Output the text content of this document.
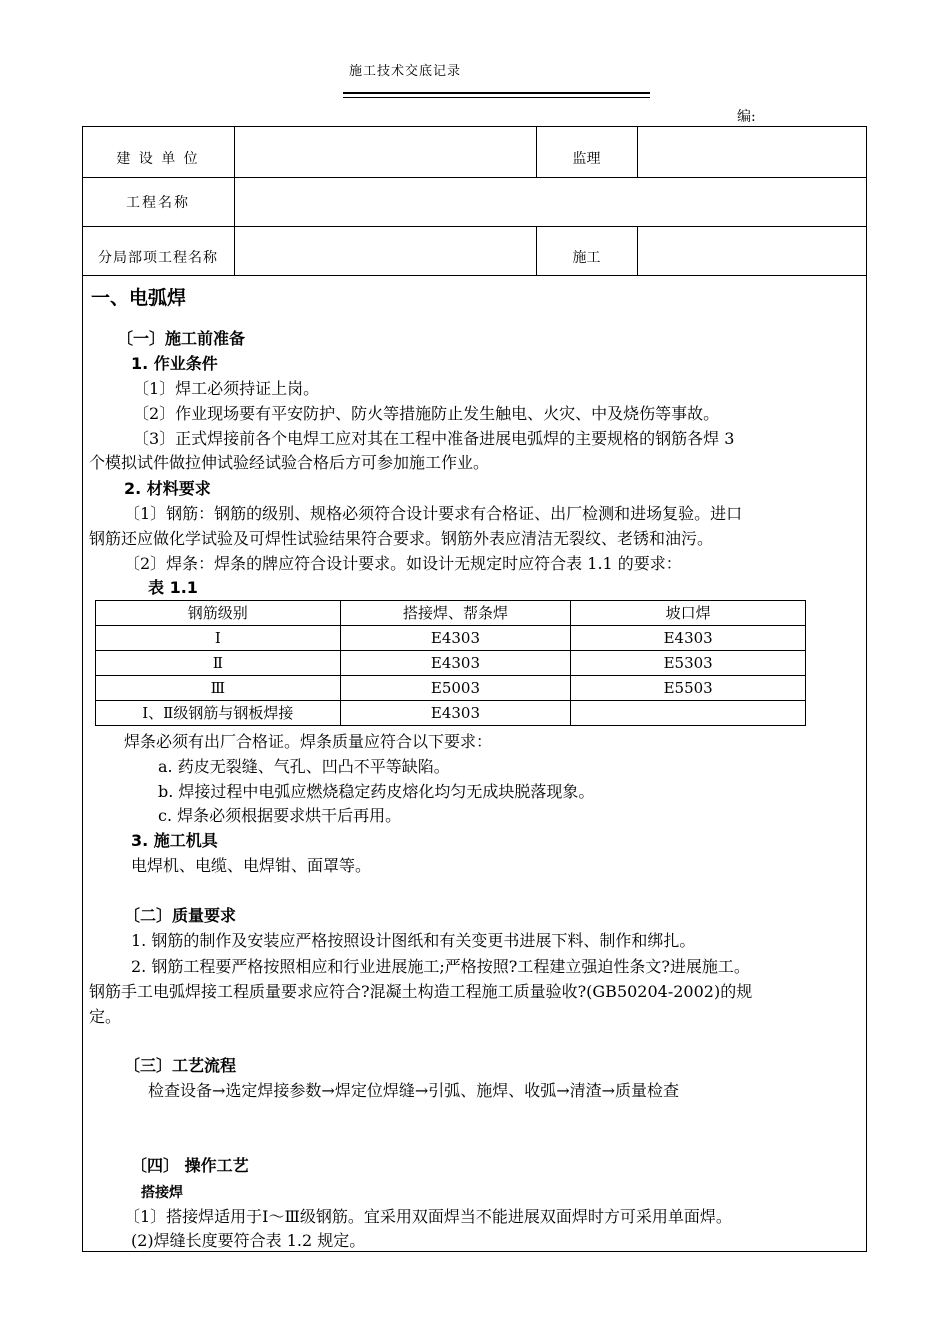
施工技术交底记录
编:
建 设 单 位	监理
工程名称
分局部项工程名称	施工
一、电弧焊
〔一〕施工前准备
1. 作业条件
〔1〕焊工必须持证上岗。
〔2〕作业现场要有平安防护、防火等措施防止发生触电、火灾、中及烧伤等事故。
〔3〕正式焊接前各个电焊工应对其在工程中准备进展电弧焊的主要规格的钢筋各焊 3
个模拟试件做拉伸试验经试验合格后方可参加施工作业。
2. 材料要求
〔1〕钢筋：钢筋的级别、规格必须符合设计要求有合格证、出厂检测和进场复验。进口
钢筋还应做化学试验及可焊性试验结果符合要求。钢筋外表应清洁无裂纹、老锈和油污。
〔2〕焊条：焊条的牌应符合设计要求。如设计无规定时应符合表 1.1 的要求：
表 1.1
钢筋级别	搭接焊、帮条焊	坡口焊
Ⅰ	E4303	E4303
Ⅱ	E4303	E5303
Ⅲ	E5003	E5503
Ⅰ、Ⅱ级钢筋与钢板焊接	E4303	
焊条必须有出厂合格证。焊条质量应符合以下要求：
a. 药皮无裂缝、气孔、凹凸不平等缺陷。
b. 焊接过程中电弧应燃烧稳定药皮熔化均匀无成块脱落现象。
c. 焊条必须根据要求烘干后再用。
3. 施工机具
电焊机、电缆、电焊钳、面罩等。
〔二〕质量要求
1. 钢筋的制作及安装应严格按照设计图纸和有关变更书进展下料、制作和绑扎。
2. 钢筋工程要严格按照相应和行业进展施工;严格按照?工程建立强迫性条文?进展施工。
钢筋手工电弧焊接工程质量要求应符合?混凝土构造工程施工质量验收?(GB50204-2002)的规
定。
〔三〕工艺流程
检查设备→选定焊接参数→焊定位焊缝→引弧、施焊、收弧→清渣→质量检查
〔四〕 操作工艺
搭接焊
〔1〕搭接焊适用于Ⅰ～Ⅲ级钢筋。宜采用双面焊当不能进展双面焊时方可采用单面焊。
(2)焊缝长度要符合表 1.2 规定。
